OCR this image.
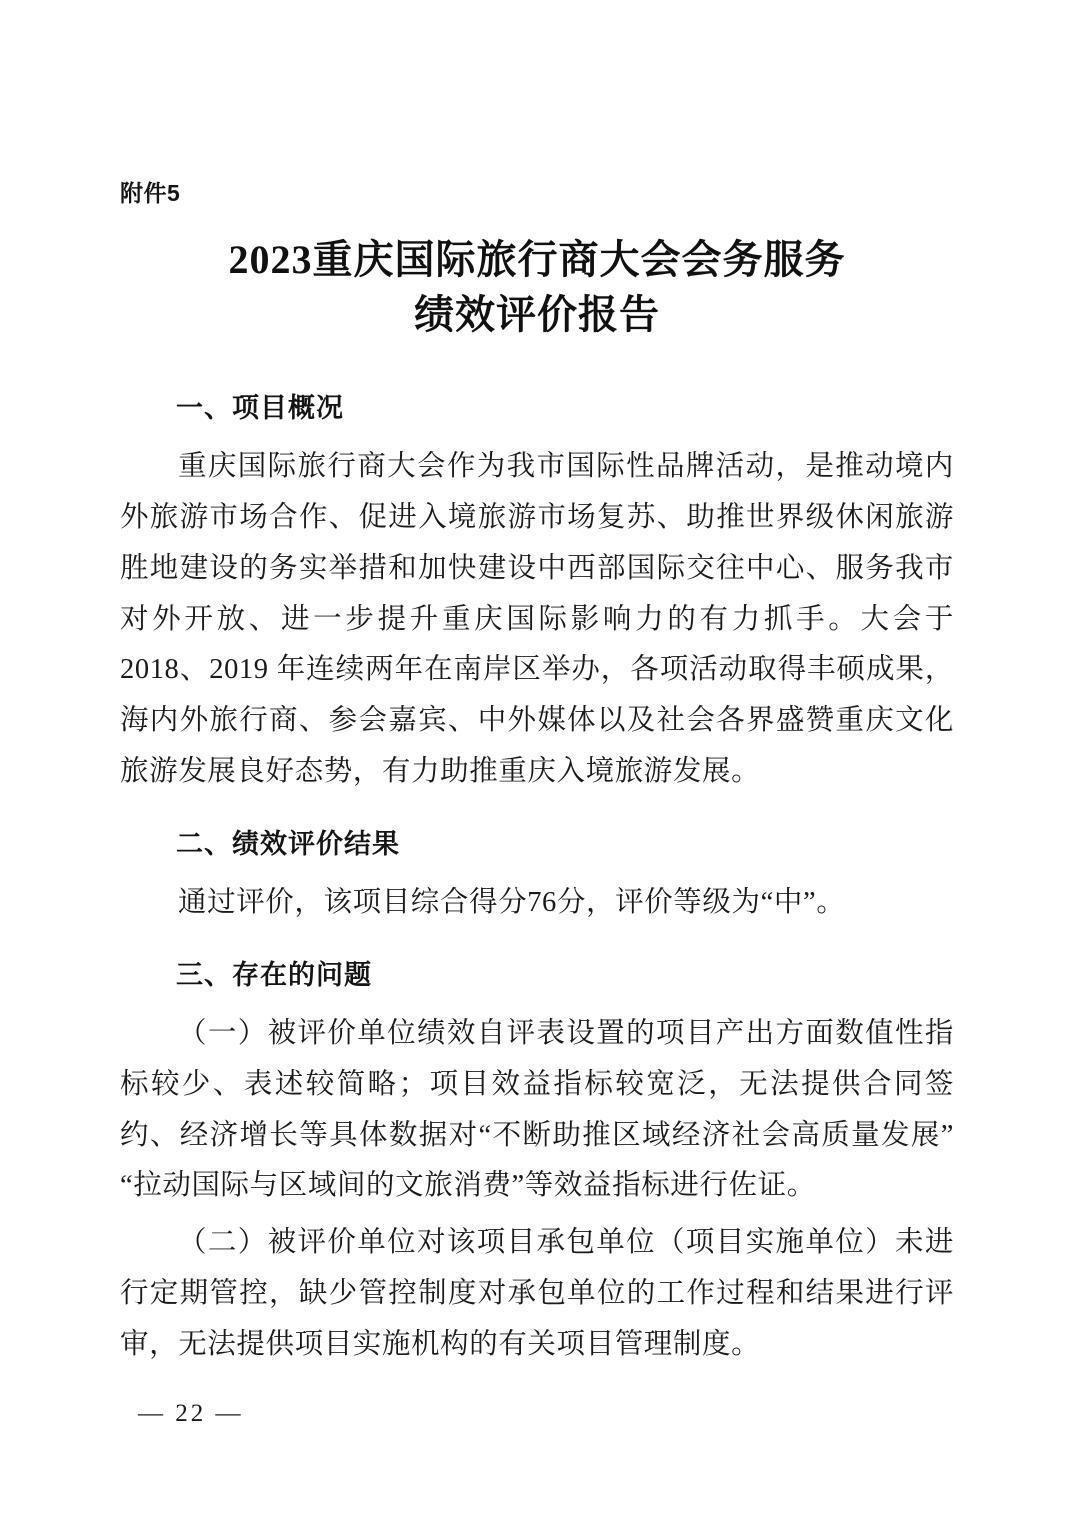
附件5
2023重庆国际旅行商大会会务服务
绩效评价报告
一、项目概况

重庆国际旅行商大会作为我市国际性品牌活动，是推动境内外旅游市场合作、促进入境旅游市场复苏、助推世界级休闲旅游胜地建设的务实举措和加快建设中西部国际交往中心、服务我市对外开放、进一步提升重庆国际影响力的有力抓手。大会于2018、2019 年连续两年在南岸区举办，各项活动取得丰硕成果，海内外旅行商、参会嘉宾、中外媒体以及社会各界盛赞重庆文化旅游发展良好态势，有力助推重庆入境旅游发展。

二、绩效评价结果

通过评价，该项目综合得分76分，评价等级为“中”。

三、存在的问题

（一）被评价单位绩效自评表设置的项目产出方面数值性指标较少、表述较简略；项目效益指标较宽泛，无法提供合同签约、经济增长等具体数据对“不断助推区域经济社会高质量发展”“拉动国际与区域间的文旅消费”等效益指标进行佐证。

（二）被评价单位对该项目承包单位（项目实施单位）未进行定期管控，缺少管控制度对承包单位的工作过程和结果进行评审，无法提供项目实施机构的有关项目管理制度。

— 22 —
